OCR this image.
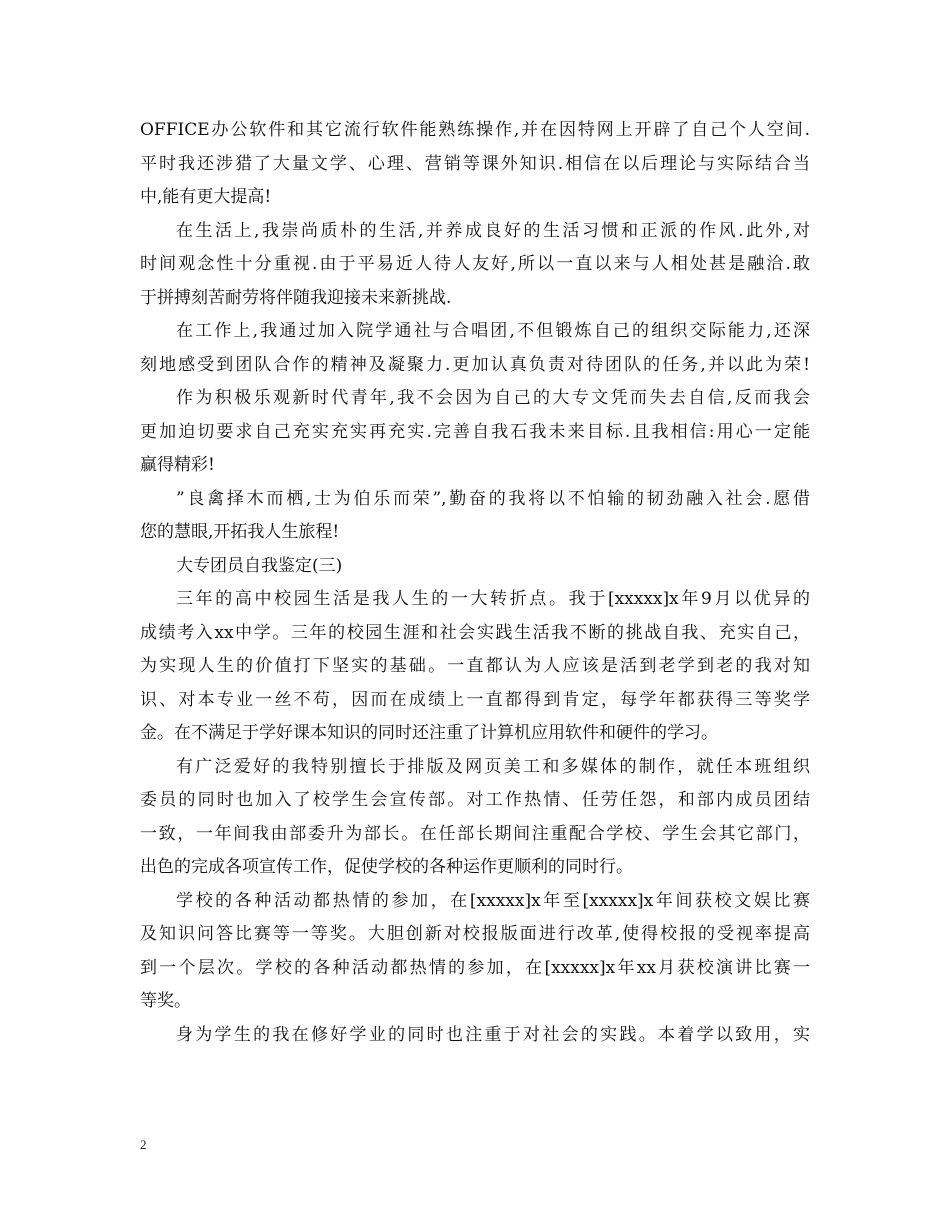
OFFICE办公软件和其它流行软件能熟练操作,并在因特网上开辟了自己个人空间.
平时我还涉猎了大量文学、心理、营销等课外知识.相信在以后理论与实际结合当
中,能有更大提高!
在生活上,我崇尚质朴的生活,并养成良好的生活习惯和正派的作风.此外,对
时间观念性十分重视.由于平易近人待人友好,所以一直以来与人相处甚是融洽.敢
于拼搏刻苦耐劳将伴随我迎接未来新挑战.
在工作上,我通过加入院学通社与合唱团,不但锻炼自己的组织交际能力,还深
刻地感受到团队合作的精神及凝聚力.更加认真负责对待团队的任务,并以此为荣!
作为积极乐观新时代青年,我不会因为自己的大专文凭而失去自信,反而我会
更加迫切要求自己充实充实再充实.完善自我石我未来目标.且我相信:用心一定能
赢得精彩!
”良禽择木而栖,士为伯乐而荣”,勤奋的我将以不怕输的韧劲融入社会.愿借
您的慧眼,开拓我人生旅程!
大专团员自我鉴定(三)
三年的高中校园生活是我人生的一大转折点。我于[xxxxx]x年9月以优异的
成绩考入xx中学。三年的校园生涯和社会实践生活我不断的挑战自我、充实自己，
为实现人生的价值打下坚实的基础。一直都认为人应该是活到老学到老的我对知
识、对本专业一丝不苟，因而在成绩上一直都得到肯定，每学年都获得三等奖学
金。在不满足于学好课本知识的同时还注重了计算机应用软件和硬件的学习。
有广泛爱好的我特别擅长于排版及网页美工和多媒体的制作，就任本班组织
委员的同时也加入了校学生会宣传部。对工作热情、任劳任怨，和部内成员团结
一致，一年间我由部委升为部长。在任部长期间注重配合学校、学生会其它部门，
出色的完成各项宣传工作，促使学校的各种运作更顺利的同时行。
学校的各种活动都热情的参加，在[xxxxx]x年至[xxxxx]x年间获校文娱比赛
及知识问答比赛等一等奖。大胆创新对校报版面进行改革,使得校报的受视率提高
到一个层次。学校的各种活动都热情的参加，在[xxxxx]x年xx月获校演讲比赛一
等奖。
身为学生的我在修好学业的同时也注重于对社会的实践。本着学以致用，实
2
